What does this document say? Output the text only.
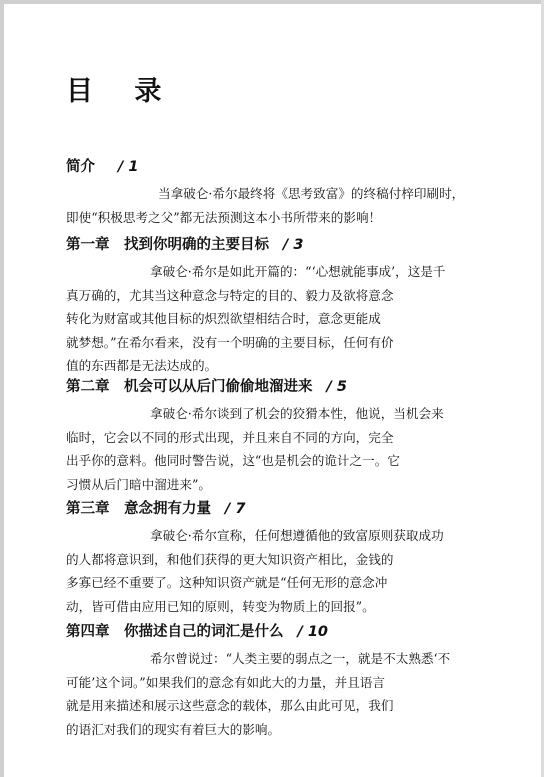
目 录
简介 / 1
当拿破仑·希尔最终将《思考致富》的终稿付梓印刷时，
即使“积极思考之父”都无法预测这本小书所带来的影响！
第一章 找到你明确的主要目标 / 3
拿破仑·希尔是如此开篇的：“‘心想就能事成’，这是千
真万确的，尤其当这种意念与特定的目的、毅力及欲将意念
转化为财富或其他目标的炽烈欲望相结合时，意念更能成
就梦想。”在希尔看来，没有一个明确的主要目标，任何有价
值的东西都是无法达成的。
第二章 机会可以从后门偷偷地溜进来 / 5
拿破仑·希尔谈到了机会的狡猾本性，他说，当机会来
临时，它会以不同的形式出现，并且来自不同的方向，完全
出乎你的意料。他同时警告说，这“也是机会的诡计之一。它
习惯从后门暗中溜进来”。
第三章 意念拥有力量 / 7
拿破仑·希尔宣称，任何想遵循他的致富原则获取成功
的人都将意识到，和他们获得的更大知识资产相比，金钱的
多寡已经不重要了。这种知识资产就是“任何无形的意念冲
动，皆可借由应用已知的原则，转变为物质上的回报”。
第四章 你描述自己的词汇是什么 / 10
希尔曾说过：“人类主要的弱点之一，就是不太熟悉‘不
可能’这个词。”如果我们的意念有如此大的力量，并且语言
就是用来描述和展示这些意念的载体，那么由此可见，我们
的语汇对我们的现实有着巨大的影响。
